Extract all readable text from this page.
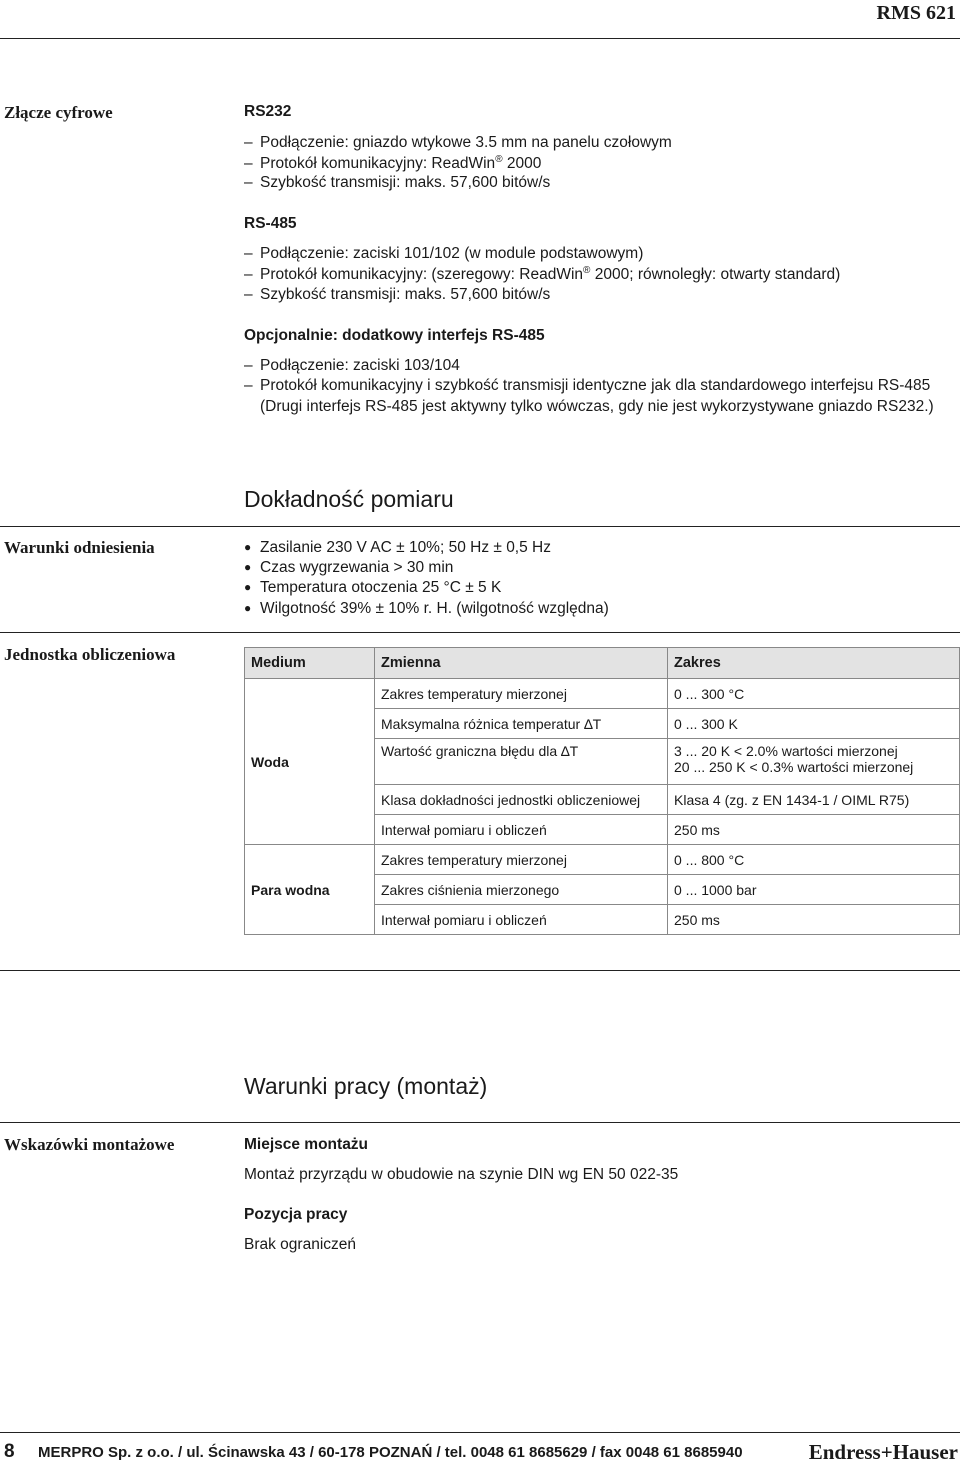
RMS 621
Złącze cyfrowe	RS232
– Podłączenie: gniazdo wtykowe 3.5 mm na panelu czołowym
– Protokół komunikacyjny: ReadWin® 2000
– Szybkość transmisji: maks. 57,600 bitów/s
RS-485
– Podłączenie: zaciski 101/102 (w module podstawowym)
– Protokół komunikacyjny: (szeregowy: ReadWin® 2000; równoległy: otwarty standard)
– Szybkość transmisji: maks. 57,600 bitów/s
Opcjonalnie: dodatkowy interfejs RS-485
– Podłączenie: zaciski 103/104
– Protokół komunikacyjny i szybkość transmisji identyczne jak dla standardowego interfejsu RS-485
(Drugi interfejs RS-485 jest aktywny tylko wówczas, gdy nie jest wykorzystywane gniazdo RS232.)
Dokładność pomiaru
Warunki odniesienia	● Zasilanie 230 V AC ± 10%; 50 Hz ± 0,5 Hz
● Czas wygrzewania > 30 min
● Temperatura otoczenia 25 °C ± 5 K
● Wilgotność 39% ± 10% r. H. (wilgotność względna)
Jednostka obliczeniowa	Medium	Zmienna	Zakres
Woda	Zakres temperatury mierzonej	0 ... 300 °C
	Maksymalna różnica temperatur ∆T	0 ... 300 K
	Wartość graniczna błędu dla ∆T	3 ... 20 K < 2.0% wartości mierzonej
20 ... 250 K < 0.3% wartości mierzonej

	Klasa dokładności jednostki obliczeniowej	Klasa 4 (zg. z EN 1434-1 / OIML R75)
	Interwał pomiaru i obliczeń	250 ms
Para wodna	Zakres temperatury mierzonej	0 ... 800 °C
	Zakres ciśnienia mierzonego	0 ... 1000 bar
	Interwał pomiaru i obliczeń	250 ms
Warunki pracy (montaż)
Wskazówki montażowe	Miejsce montażu
Montaż przyrządu w obudowie na szynie DIN wg EN 50 022-35
Pozycja pracy
Brak ograniczeń
8 MERPRO Sp. z o.o. / ul. Ścinawska 43 / 60-178 POZNAŃ / tel. 0048 61 8685629 / fax 0048 61 8685940	Endress+Hauser
